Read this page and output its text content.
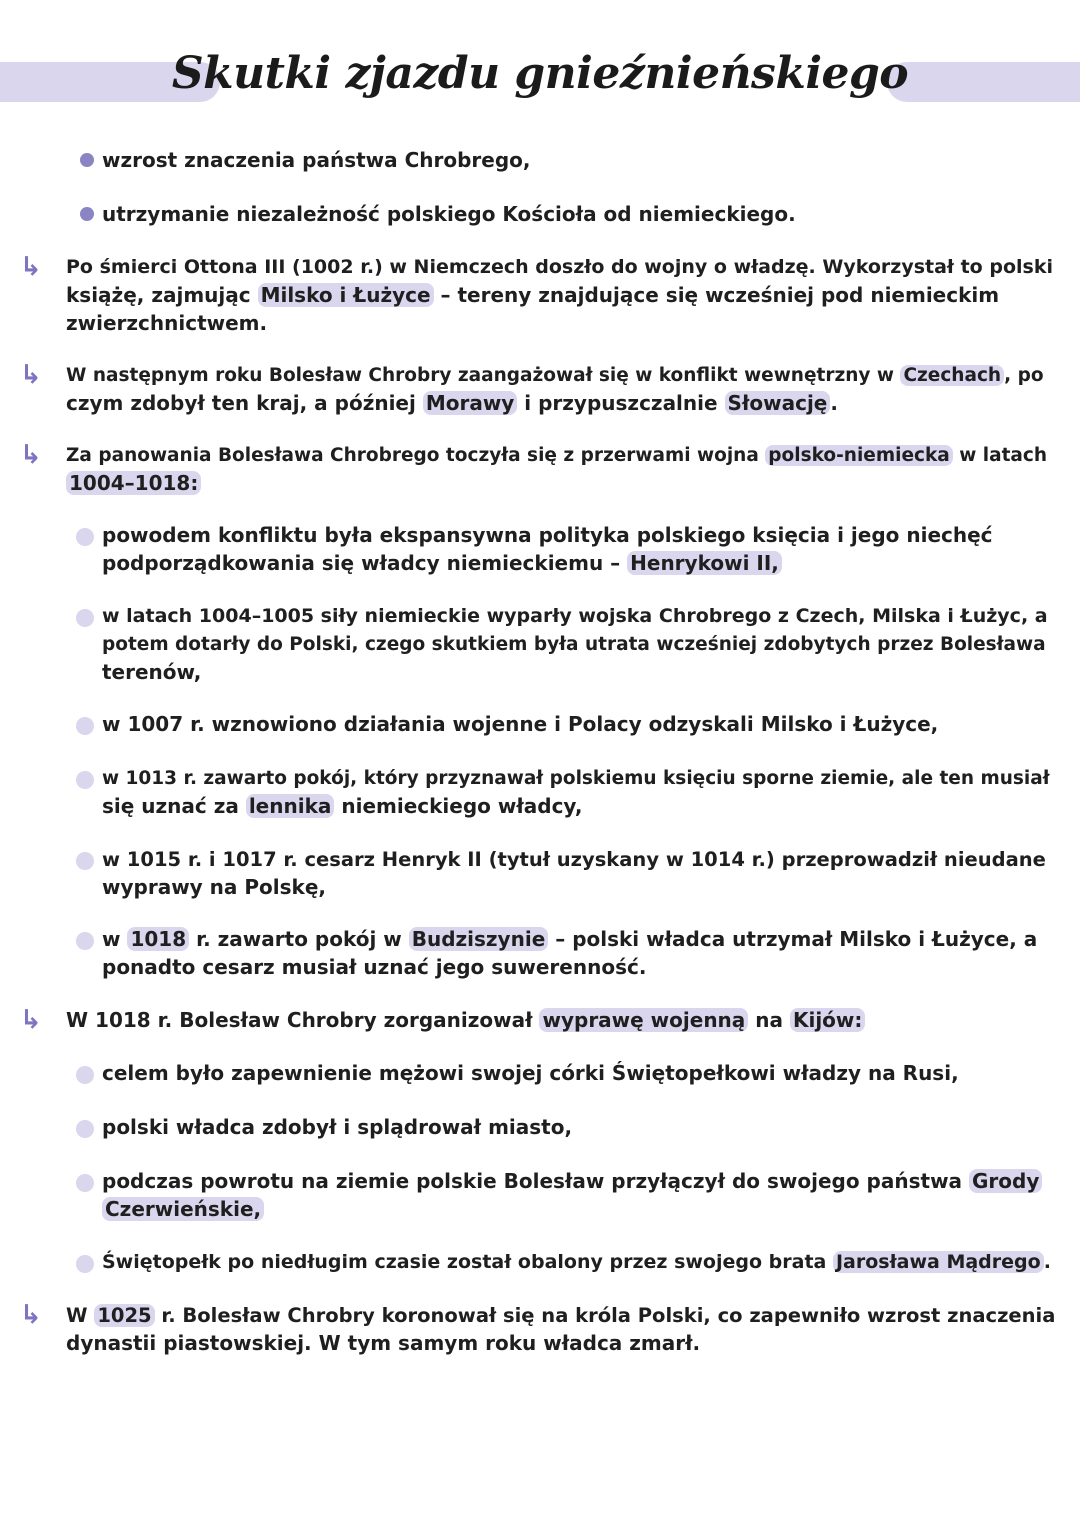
Skutki zjazdu gnieźnieńskiego
wzrost znaczenia państwa Chrobrego,
utrzymanie niezależność polskiego Kościoła od niemieckiego.
↳ Po śmierci Ottona III (1002 r.) w Niemczech doszło do wojny o władzę. Wykorzystał to polski
książę, zajmując Milsko i Łużyce – tereny znajdujące się wcześniej pod niemieckim
zwierzchnictwem.
↳ W następnym roku Bolesław Chrobry zaangażował się w konflikt wewnętrzny w Czechach , po
czym zdobył ten kraj, a później Morawy i przypuszczalnie Słowację .
↳ Za panowania Bolesława Chrobrego toczyła się z przerwami wojna polsko-niemiecka w latach
1004–1018:
powodem konfliktu była ekspansywna polityka polskiego księcia i jego niechęć
podporządkowania się władcy niemieckiemu – Henrykowi II,
w latach 1004–1005 siły niemieckie wyparły wojska Chrobrego z Czech, Milska i Łużyc, a
potem dotarły do Polski, czego skutkiem była utrata wcześniej zdobytych przez Bolesława
terenów,
w 1007 r. wznowiono działania wojenne i Polacy odzyskali Milsko i Łużyce,
w 1013 r. zawarto pokój, który przyznawał polskiemu księciu sporne ziemie, ale ten musiał
się uznać za lennika niemieckiego władcy,
w 1015 r. i 1017 r. cesarz Henryk II (tytuł uzyskany w 1014 r.) przeprowadził nieudane
wyprawy na Polskę,
w 1018 r. zawarto pokój w Budziszynie – polski władca utrzymał Milsko i Łużyce, a
ponadto cesarz musiał uznać jego suwerenność.
↳ W 1018 r. Bolesław Chrobry zorganizował wyprawę wojenną na Kijów:
celem było zapewnienie mężowi swojej córki Świętopełkowi władzy na Rusi,
polski władca zdobył i splądrował miasto,
podczas powrotu na ziemie polskie Bolesław przyłączył do swojego państwa Grody
Czerwieńskie,
Świętopełk po niedługim czasie został obalony przez swojego brata Jarosława Mądrego .
↳ W 1025 r. Bolesław Chrobry koronował się na króla Polski, co zapewniło wzrost znaczenia
dynastii piastowskiej. W tym samym roku władca zmarł.
